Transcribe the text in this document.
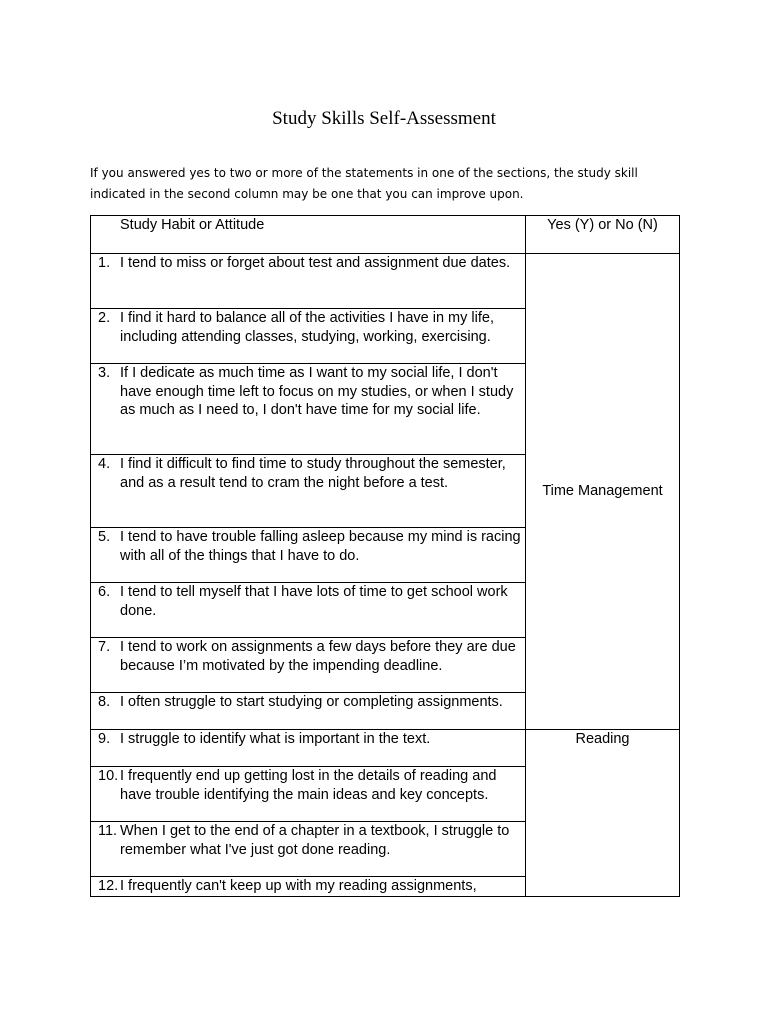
Study Skills Self-Assessment
If you answered yes to two or more of the statements in one of the sections, the study skill indicated in the second column may be one that you can improve upon.
Study Habit or Attitude	Yes (Y) or No (N)

1. I tend to miss or forget about test and assignment due dates.	Time Management

2. I find it hard to balance all of the activities I have in my life, including attending classes, studying, working, exercising.	

3. If I dedicate as much time as I want to my social life, I don't have enough time left to focus on my studies, or when I study as much as I need to, I don't have time for my social life.	

4. I find it difficult to find time to study throughout the semester, and as a result tend to cram the night before a test.	

5. I tend to have trouble falling asleep because my mind is racing with all of the things that I have to do.	

6. I tend to tell myself that I have lots of time to get school work done.	

7. I tend to work on assignments a few days before they are due because I’m motivated by the impending deadline.	

8. I often struggle to start studying or completing assignments.	

9. I struggle to identify what is important in the text.	Reading

10. I frequently end up getting lost in the details of reading and have trouble identifying the main ideas and key concepts.	

11. When I get to the end of a chapter in a textbook, I struggle to remember what I've just got done reading.	

12. I frequently can't keep up with my reading assignments,	
